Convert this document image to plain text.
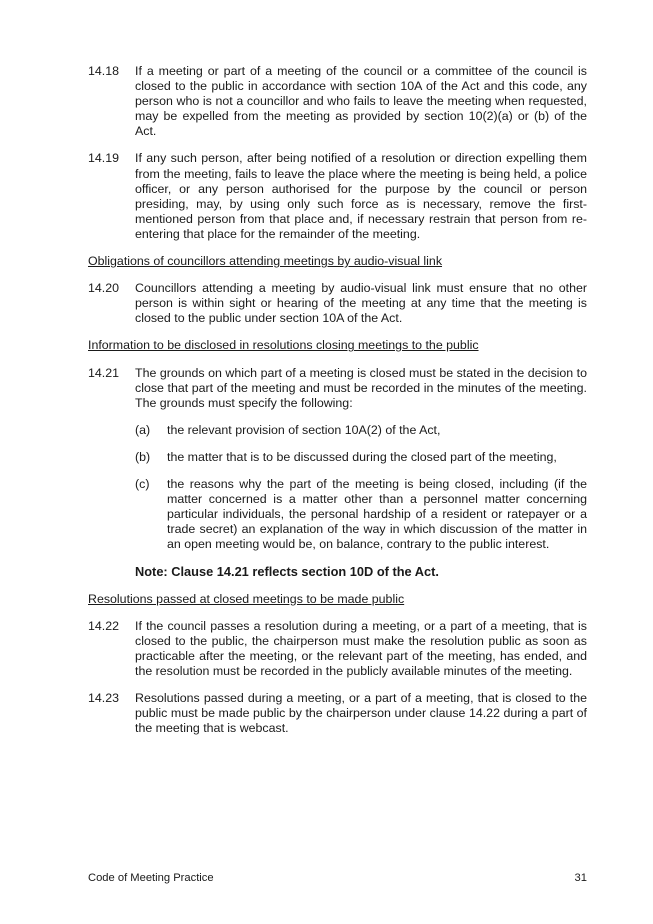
14.18	If a meeting or part of a meeting of the council or a committee of the council is closed to the public in accordance with section 10A of the Act and this code, any person who is not a councillor and who fails to leave the meeting when requested, may be expelled from the meeting as provided by section 10(2)(a) or (b) of the Act.
14.19	If any such person, after being notified of a resolution or direction expelling them from the meeting, fails to leave the place where the meeting is being held, a police officer, or any person authorised for the purpose by the council or person presiding, may, by using only such force as is necessary, remove the first-mentioned person from that place and, if necessary restrain that person from re-entering that place for the remainder of the meeting.
Obligations of councillors attending meetings by audio-visual link
14.20	Councillors attending a meeting by audio-visual link must ensure that no other person is within sight or hearing of the meeting at any time that the meeting is closed to the public under section 10A of the Act.
Information to be disclosed in resolutions closing meetings to the public
14.21	The grounds on which part of a meeting is closed must be stated in the decision to close that part of the meeting and must be recorded in the minutes of the meeting. The grounds must specify the following:
(a)	the relevant provision of section 10A(2) of the Act,
(b)	the matter that is to be discussed during the closed part of the meeting,
(c)	the reasons why the part of the meeting is being closed, including (if the matter concerned is a matter other than a personnel matter concerning particular individuals, the personal hardship of a resident or ratepayer or a trade secret) an explanation of the way in which discussion of the matter in an open meeting would be, on balance, contrary to the public interest.
Note: Clause 14.21 reflects section 10D of the Act.
Resolutions passed at closed meetings to be made public
14.22	If the council passes a resolution during a meeting, or a part of a meeting, that is closed to the public, the chairperson must make the resolution public as soon as practicable after the meeting, or the relevant part of the meeting, has ended, and the resolution must be recorded in the publicly available minutes of the meeting.
14.23	Resolutions passed during a meeting, or a part of a meeting, that is closed to the public must be made public by the chairperson under clause 14.22 during a part of the meeting that is webcast.
Code of Meeting Practice	31
